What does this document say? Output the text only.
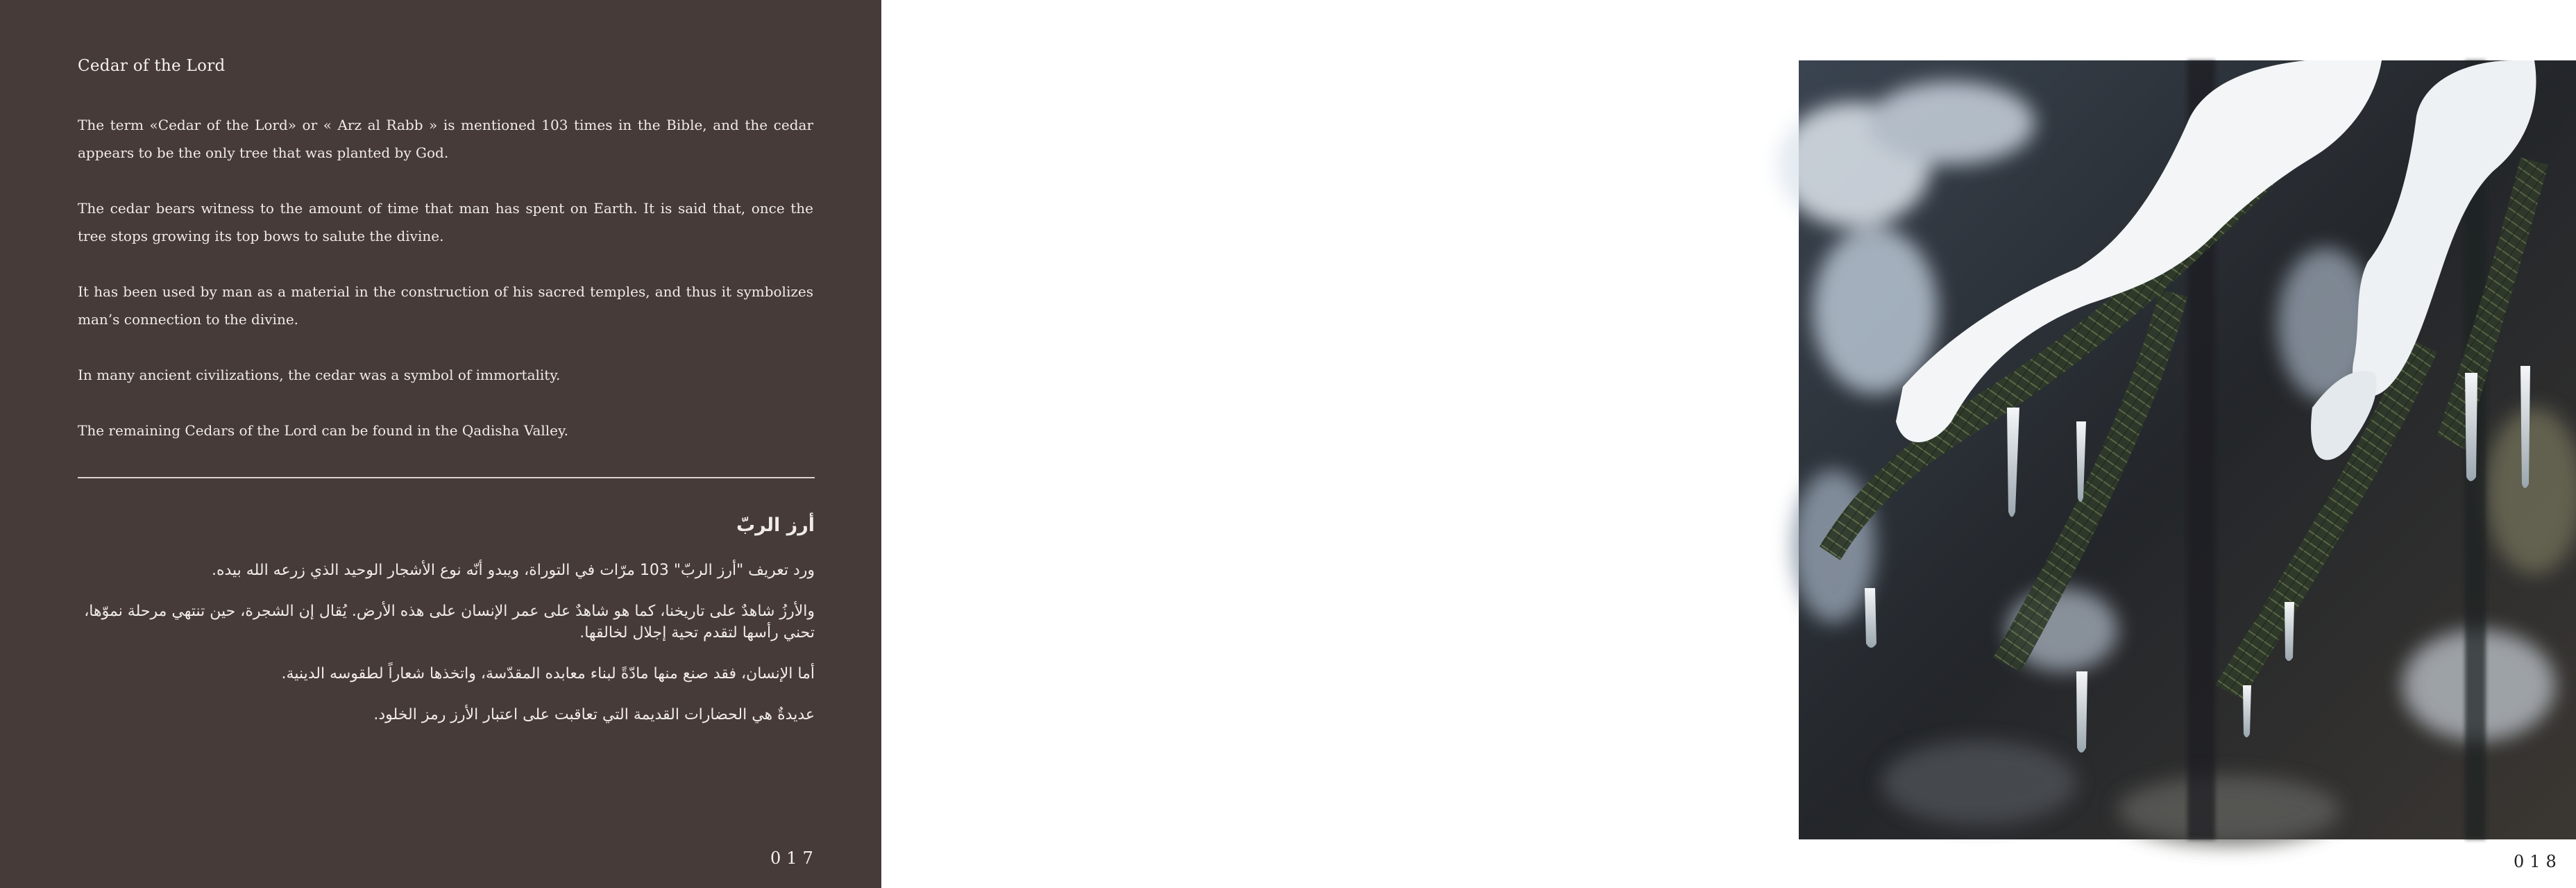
Cedar of the Lord

The term «Cedar of the Lord» or « Arz al Rabb » is mentioned 103 times in the Bible, and the cedar appears to be the only tree that was planted by God.

The cedar bears witness to the amount of time that man has spent on Earth. It is said that, once the tree stops growing its top bows to salute the divine.

It has been used by man as a material in the construction of his sacred temples, and thus it symbolizes man’s connection to the divine.

In many ancient civilizations, the cedar was a symbol of immortality.

The remaining Cedars of the Lord can be found in the Qadisha Valley.

أرز الربّ

ورد تعريف "أرز الربّ" 103 مرّات في التوراة، ويبدو أنّه نوع الأشجار الوحيد الذي زرعه الله بيده.

والأرزُ شاهدٌ على تاريخنا، كما هو شاهدٌ على عمر الإنسان على هذه الأرض. يُقال إن الشجرة، حين تنتهي مرحلة نموّها، تحني رأسها لتقدم تحية إجلال لخالقها.

أما الإنسان، فقد صنع منها مادّةً لبناء معابده المقدّسة، واتخذها شعاراً لطقوسه الدينية.

عديدةٌ هي الحضارات القديمة التي تعاقبت على اعتبار الأرز رمز الخلود.

017	018
